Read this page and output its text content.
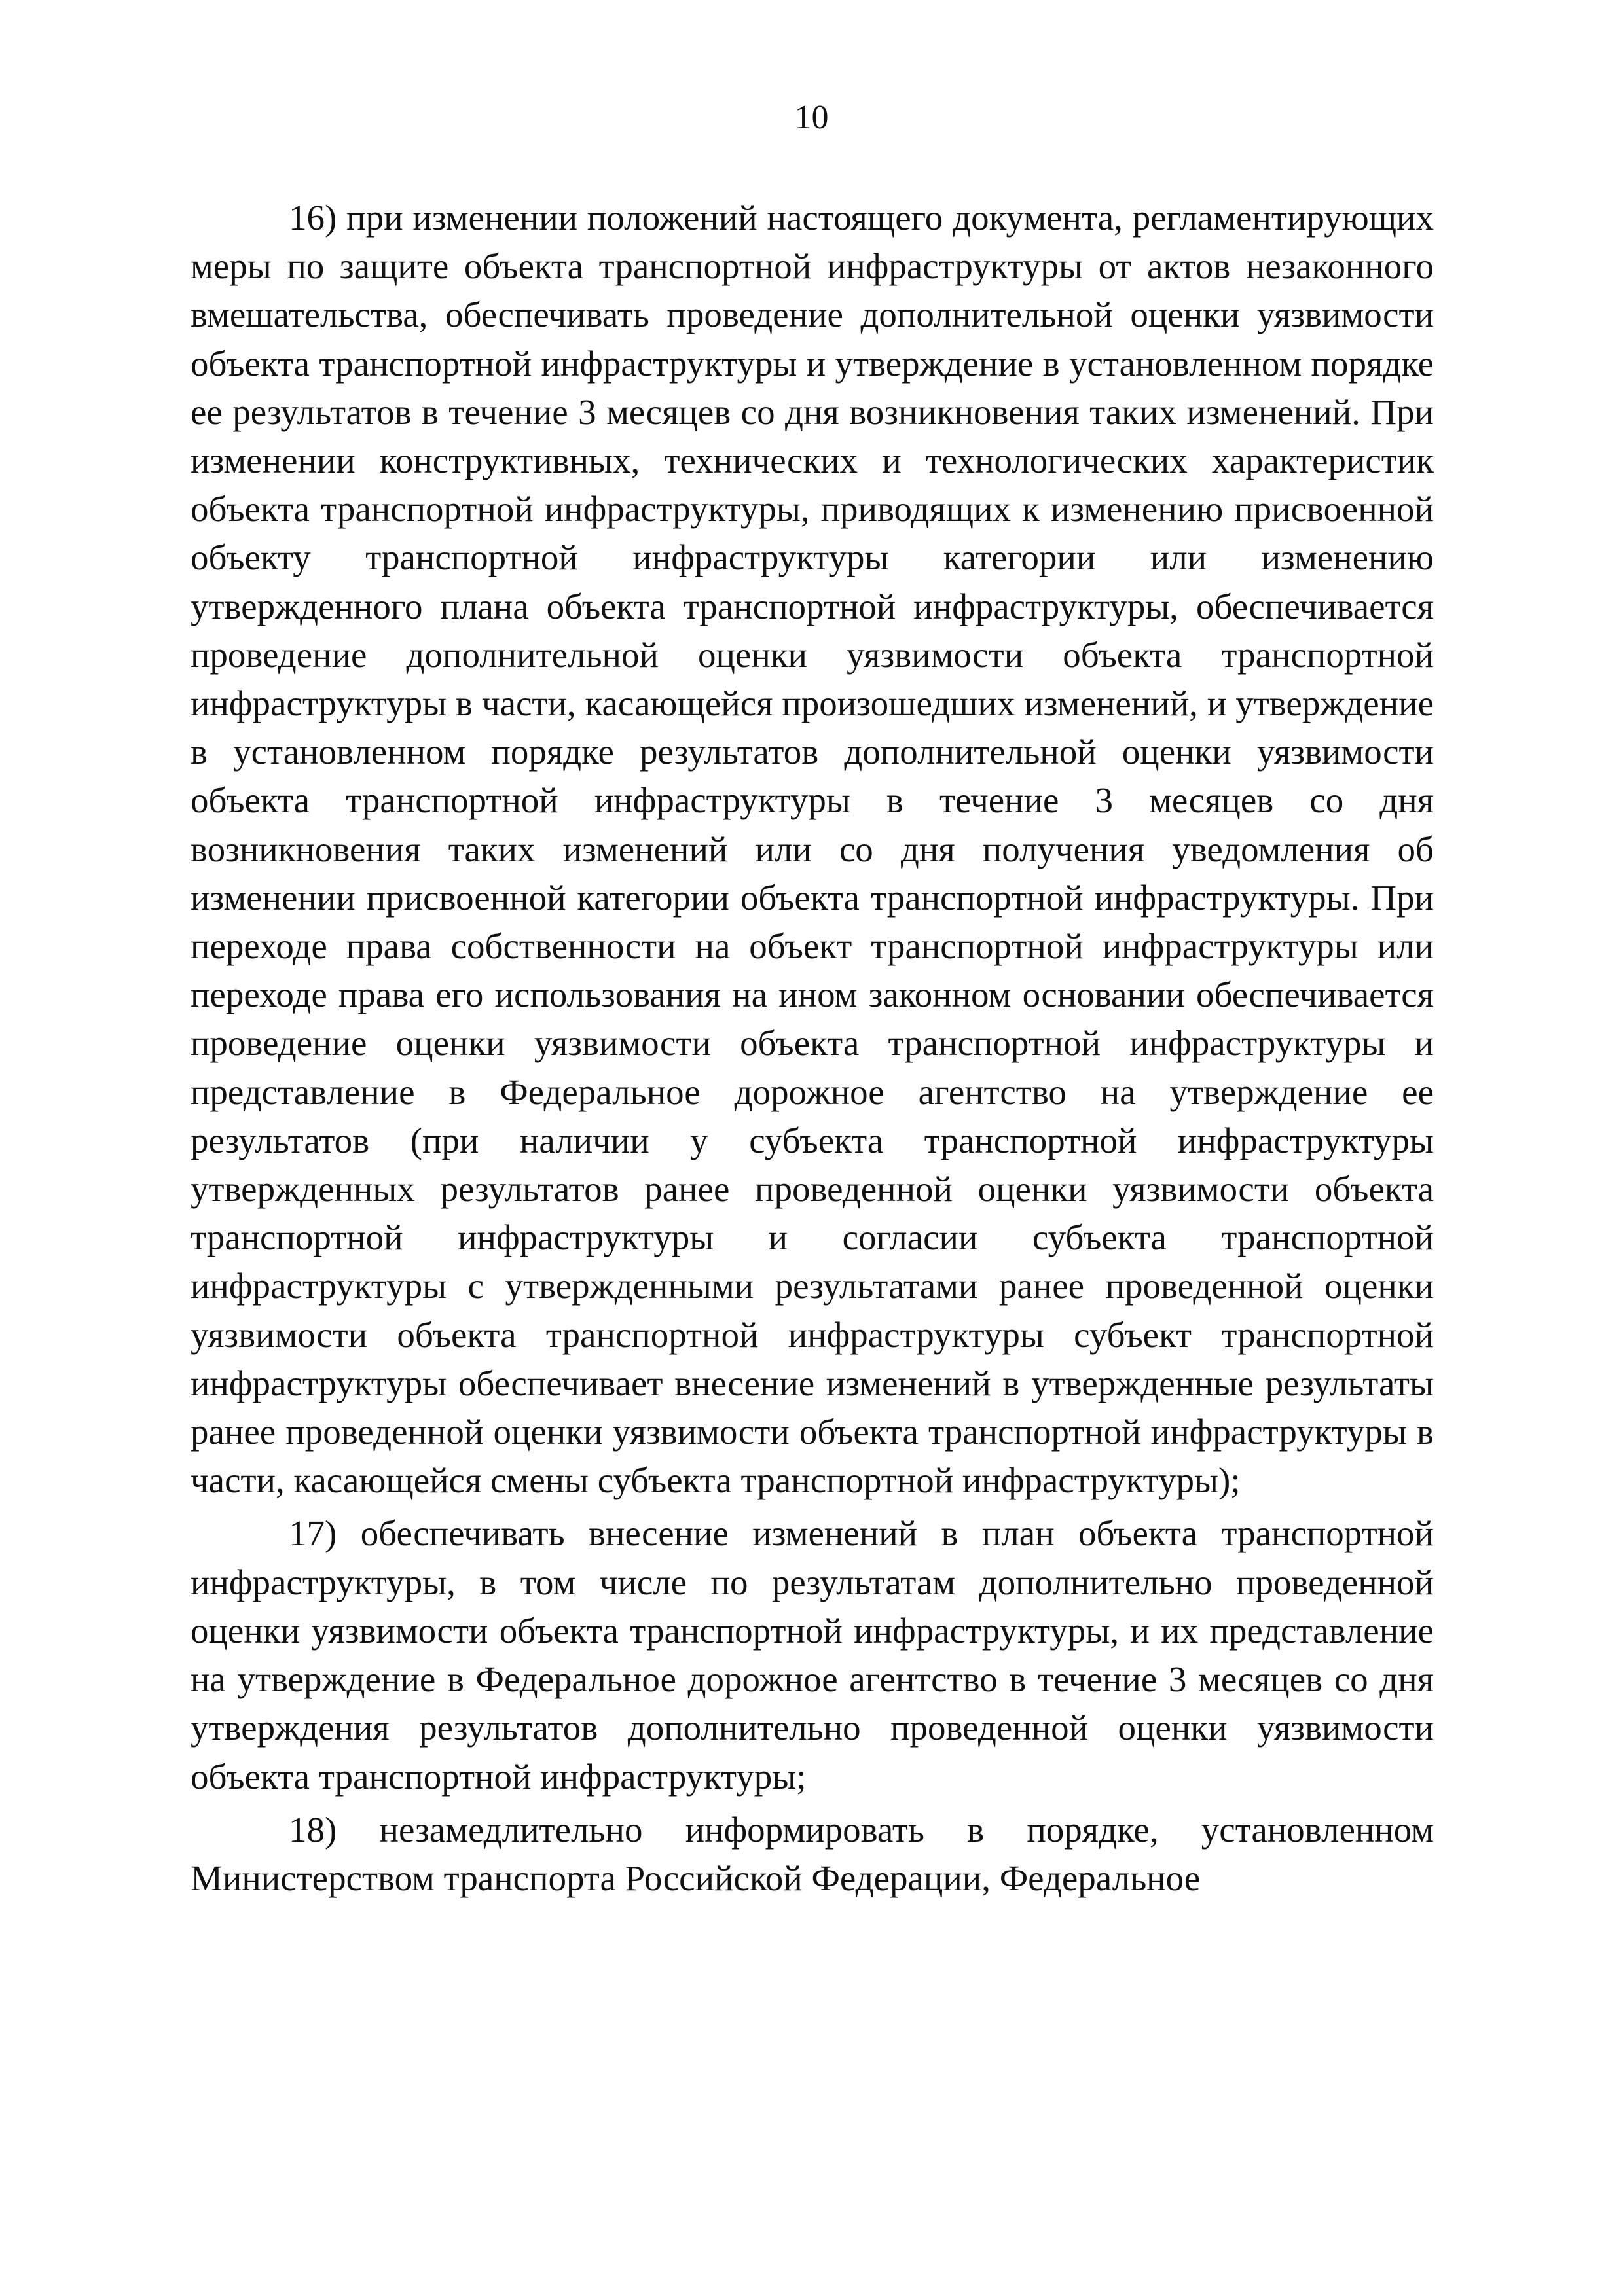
10

16) при изменении положений настоящего документа, регламентирующих меры по защите объекта транспортной инфраструктуры от актов незаконного вмешательства, обеспечивать проведение дополнительной оценки уязвимости объекта транспортной инфраструктуры и утверждение в установленном порядке ее результатов в течение 3 месяцев со дня возникновения таких изменений. При изменении конструктивных, технических и технологических характеристик объекта транспортной инфраструктуры, приводящих к изменению присвоенной объекту транспортной инфраструктуры категории или изменению утвержденного плана объекта транспортной инфраструктуры, обеспечивается проведение дополнительной оценки уязвимости объекта транспортной инфраструктуры в части, касающейся произошедших изменений, и утверждение в установленном порядке результатов дополнительной оценки уязвимости объекта транспортной инфраструктуры в течение 3 месяцев со дня возникновения таких изменений или со дня получения уведомления об изменении присвоенной категории объекта транспортной инфраструктуры. При переходе права собственности на объект транспортной инфраструктуры или переходе права его использования на ином законном основании обеспечивается проведение оценки уязвимости объекта транспортной инфраструктуры и представление в Федеральное дорожное агентство на утверждение ее результатов (при наличии у субъекта транспортной инфраструктуры утвержденных результатов ранее проведенной оценки уязвимости объекта транспортной инфраструктуры и согласии субъекта транспортной инфраструктуры с утвержденными результатами ранее проведенной оценки уязвимости объекта транспортной инфраструктуры субъект транспортной инфраструктуры обеспечивает внесение изменений в утвержденные результаты ранее проведенной оценки уязвимости объекта транспортной инфраструктуры в части, касающейся смены субъекта транспортной инфраструктуры);

17) обеспечивать внесение изменений в план объекта транспортной инфраструктуры, в том числе по результатам дополнительно проведенной оценки уязвимости объекта транспортной инфраструктуры, и их представление на утверждение в Федеральное дорожное агентство в течение 3 месяцев со дня утверждения результатов дополнительно проведенной оценки уязвимости объекта транспортной инфраструктуры;

18) незамедлительно информировать в порядке, установленном Министерством транспорта Российской Федерации, Федеральное
